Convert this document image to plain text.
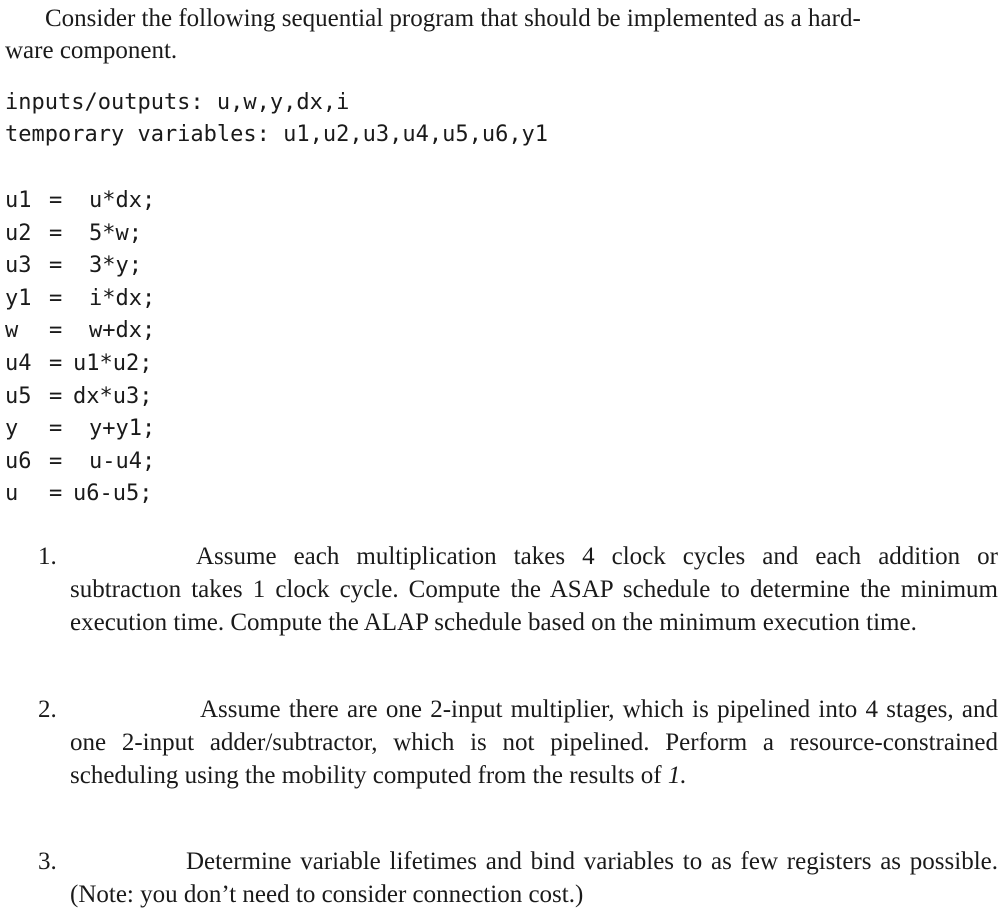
Consider the following sequential program that should be implemented as a hard-
ware component.
inputs/outputs: u,w,y,dx,i
temporary variables: u1,u2,u3,u4,u5,u6,y1
u1 = u*dx;
u2 = 5*w;
u3 = 3*y;
y1 = i*dx;
w = w+dx;
u4 = u1*u2;
u5 = dx*u3;
y = y+y1;
u6 = u-u4;
u = u6-u5;
1.	Assume each multiplication takes 4 clock cycles and each addition or subtractıon takes 1 clock cycle. Compute the ASAP schedule to determine the minimum execution time. Compute the ALAP schedule based on the minimum execution time.
2.	Assume there are one 2-input multiplier, which is pipelined into 4 stages, and one 2-input adder/subtractor, which is not pipelined. Perform a resource-constrained scheduling using the mobility computed from the results of 1.
3.	Determine variable lifetimes and bind variables to as few registers as possible. (Note: you don’t need to consider connection cost.)
